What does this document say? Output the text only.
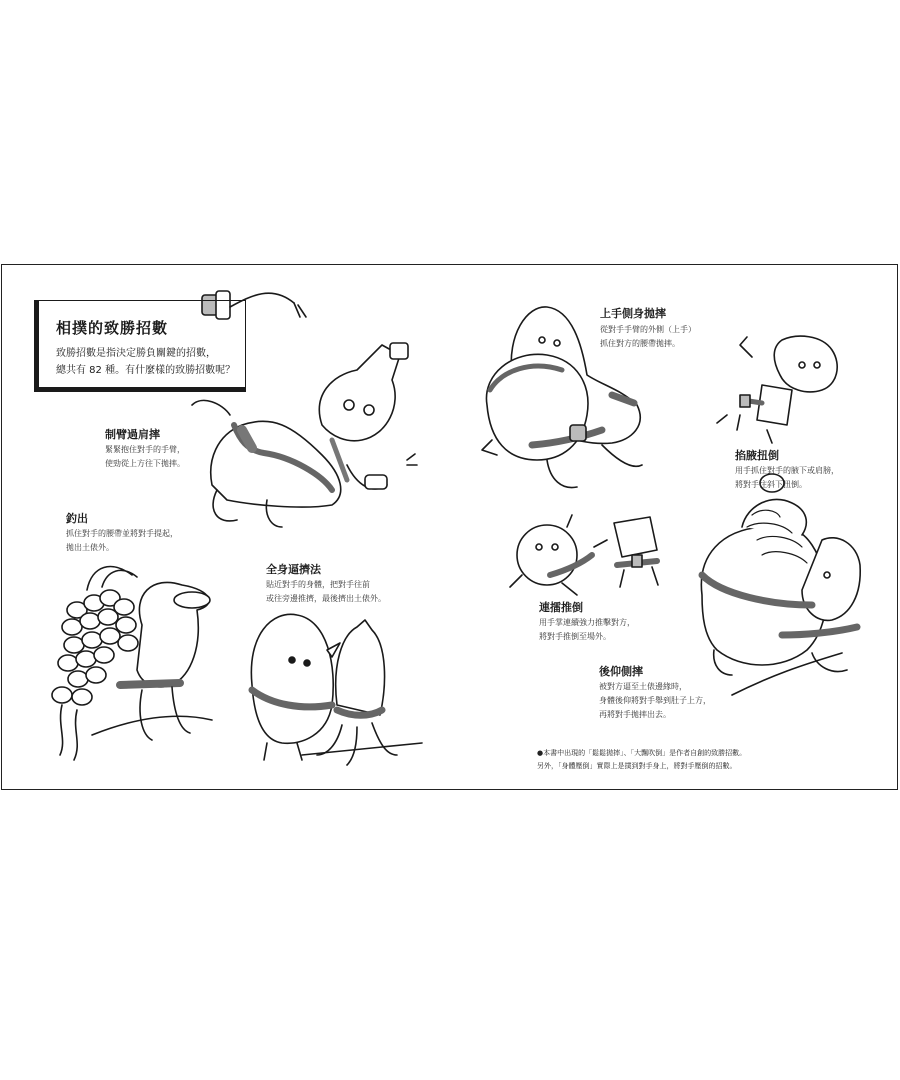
相撲的致勝招數
致勝招數是指決定勝負關鍵的招數，
總共有 82 種。有什麼樣的致勝招數呢？
制臂過肩摔
緊緊抱住對手的手臂，
使勁從上方往下拋摔。
釣出
抓住對手的腰帶並將對手提起，
拋出土俵外。
全身逼擠法
貼近對手的身體，把對手往前
或往旁邊推擠，最後擠出土俵外。
上手側身拋摔
從對手手臂的外側（上手）
抓住對方的腰帶拋摔。
掐腋扭倒
用手抓住對手的腋下或肩膀，
將對手往斜下扭倒。
連擂推倒
用手掌連續強力推擊對方，
將對手推倒至場外。
後仰側摔
被對方逼至土俵邊緣時，
身體後仰將對手舉到肚子上方，
再將對手拋摔出去。
●本書中出現的「鬆鬆拋摔」、「大飄吹倒」是作者自創的致勝招數。
另外，「身體壓倒」實際上是撲到對手身上，將對手壓倒的招數。
